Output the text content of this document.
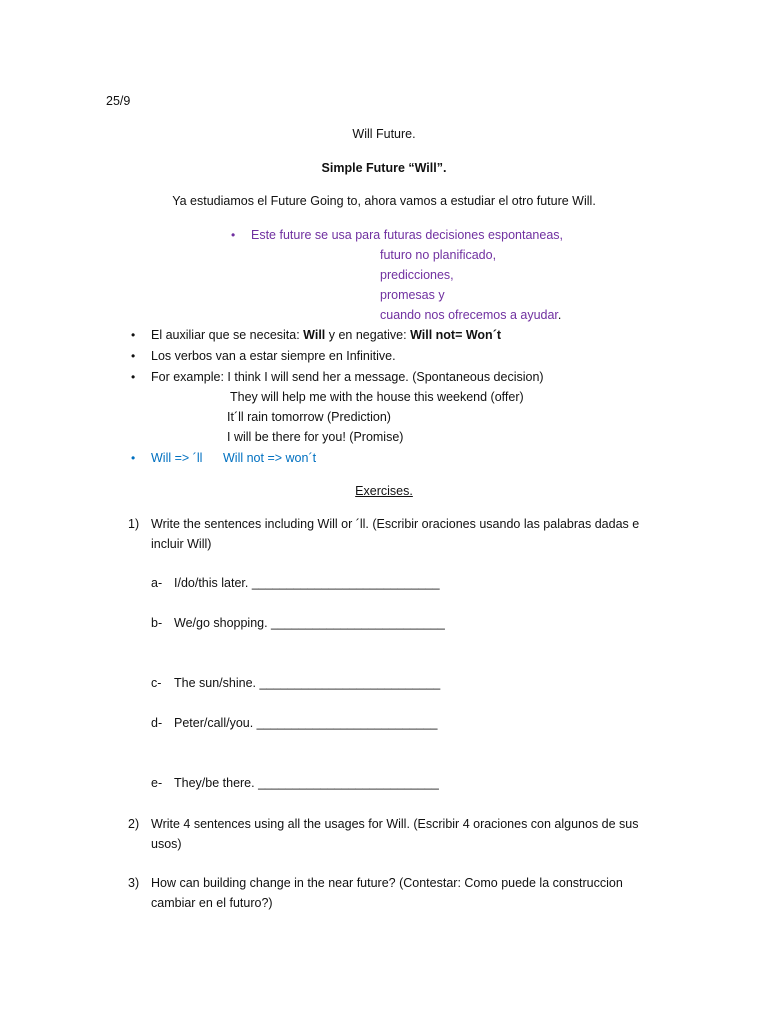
25/9
Will Future.
Simple Future “Will”.
Ya estudiamos el Future Going to, ahora vamos a estudiar el otro future Will.
• Este future se usa para futuras decisiones espontaneas,
futuro no planificado,
predicciones,
promesas y
cuando nos ofrecemos a ayudar.
• El auxiliar que se necesita: Will y en negative: Will not= Won´t
• Los verbos van a estar siempre en Infinitive.
• For example: I think I will send her a message. (Spontaneous decision)
They will help me with the house this weekend (offer)
It´ll rain tomorrow (Prediction)
I will be there for you! (Promise)
• Will => ´ll Will not => won´t
Exercises.
1) Write the sentences including Will or ´ll. (Escribir oraciones usando las palabras dadas e
incluir Will)
a- I/do/this later. ___________________________
b- We/go shopping. _________________________
c- The sun/shine. __________________________
d- Peter/call/you. __________________________
e- They/be there. __________________________
2) Write 4 sentences using all the usages for Will. (Escribir 4 oraciones con algunos de sus
usos)
3) How can building change in the near future? (Contestar: Como puede la construccion
cambiar en el futuro?)
